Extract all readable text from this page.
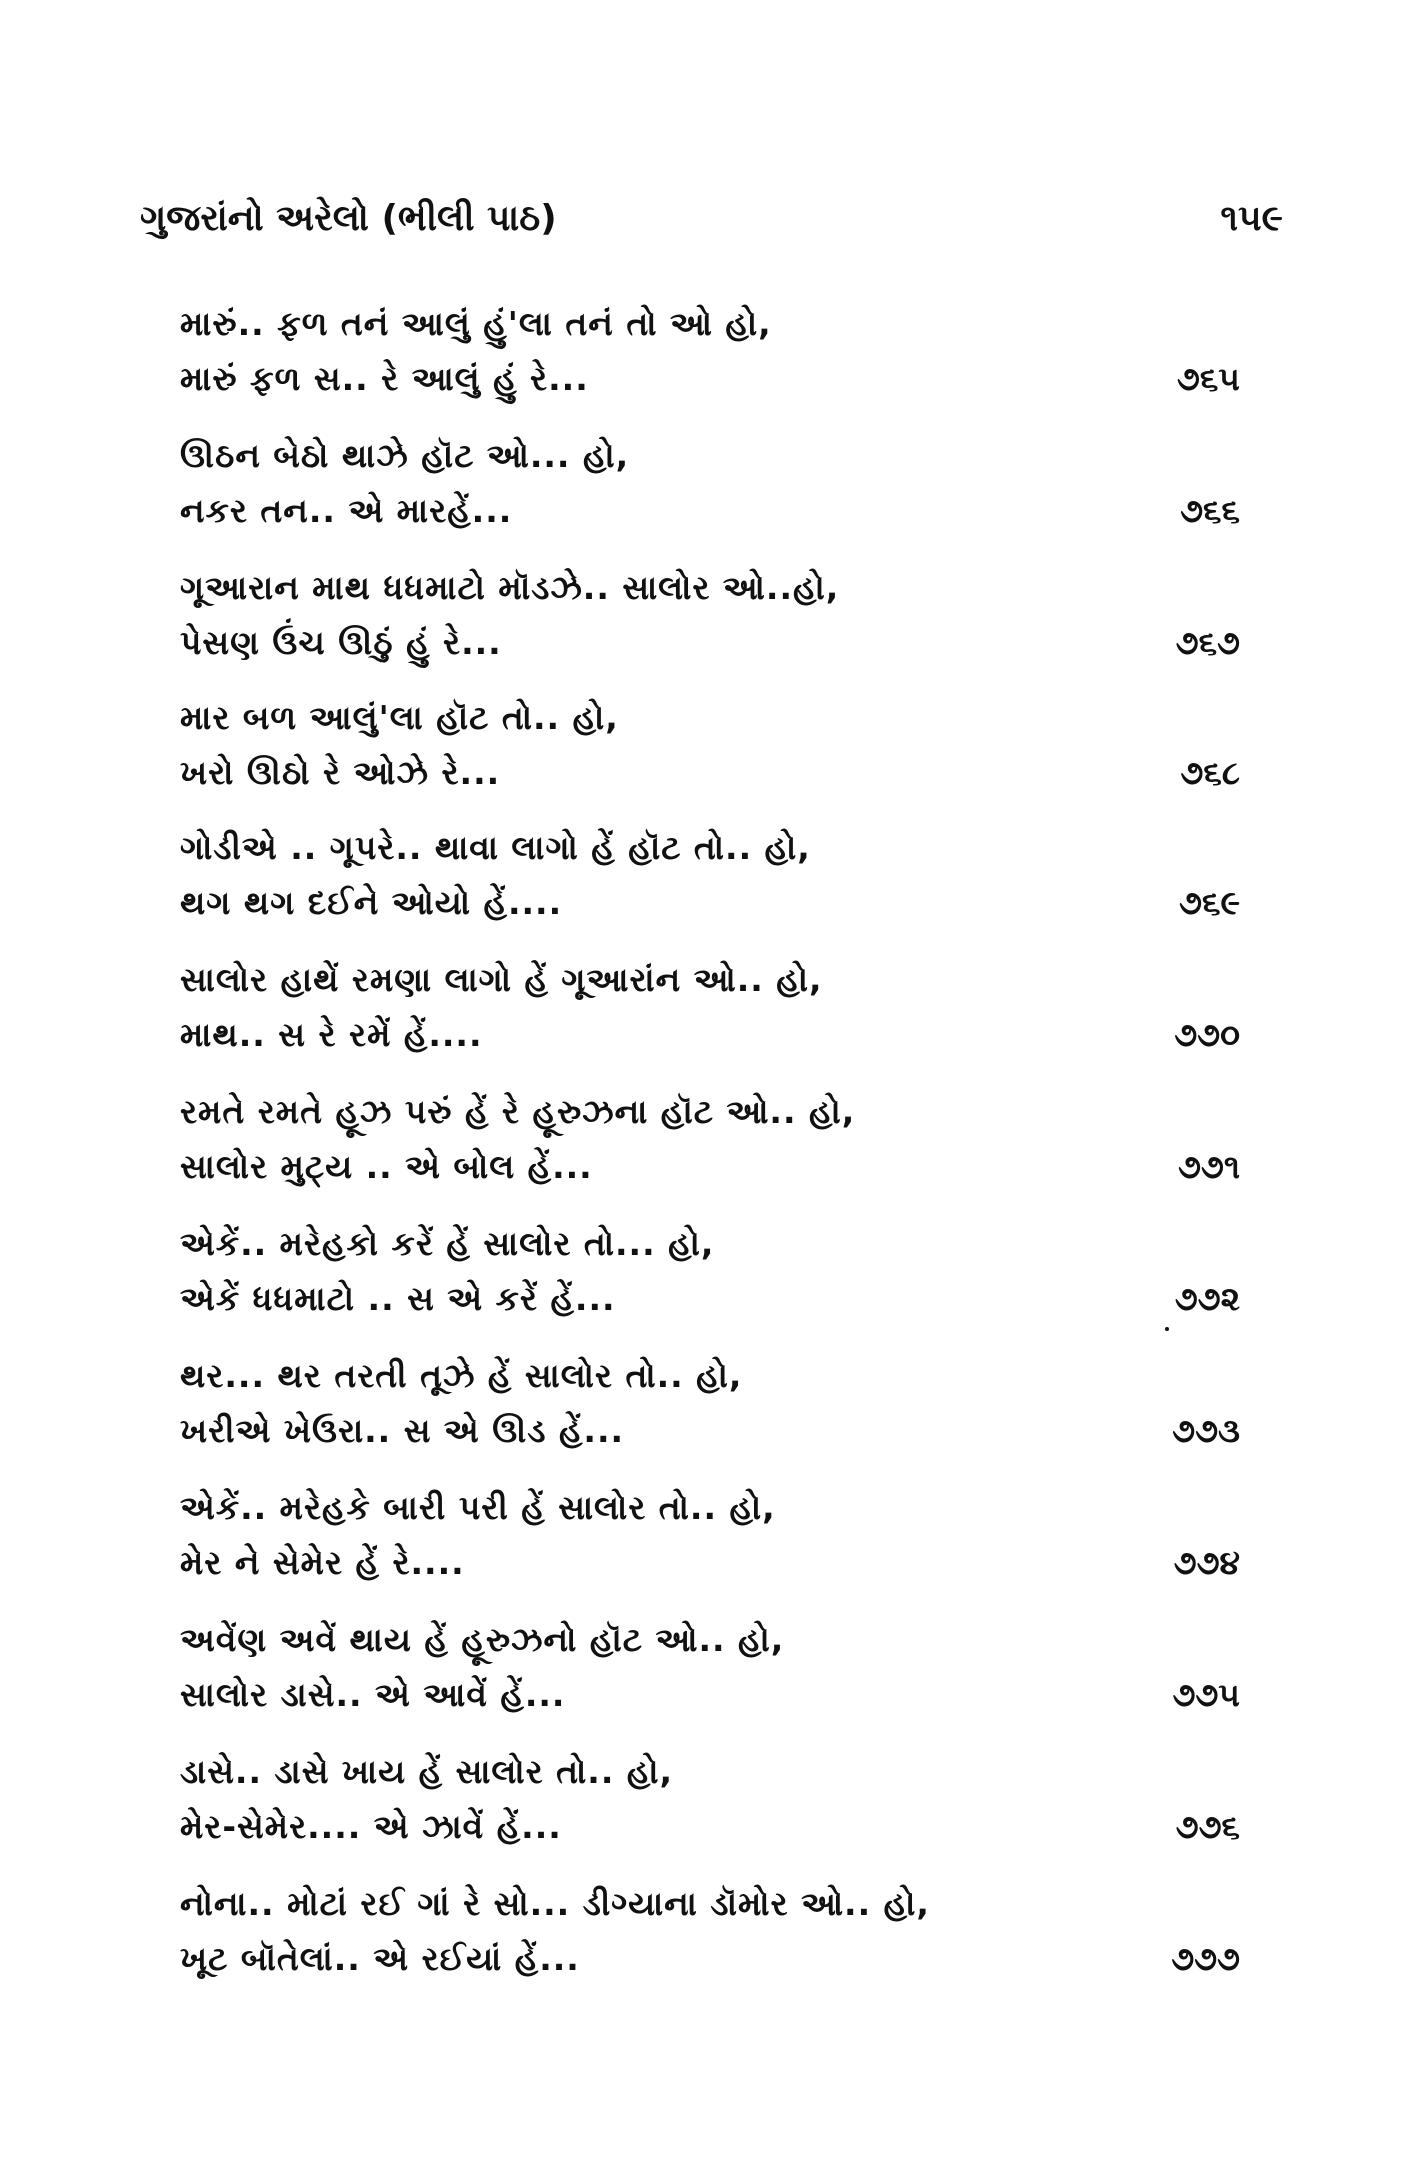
ગુજરાંનો અરેલો (ભીલી પાઠ)	૧૫૯
મારું.. ફળ તનં આલું હું'લા તનં તો ઓ હો,
મારું ફળ સ.. રે આલું હું રે...	૭૬૫
ઊઠન બેઠો થાઝે હૉટ ઓ... હો,
નકર તન.. એ મારહેં...	૭૬૬
ગૂઆરાન માથ ધધમાટો મૉડઝે.. સાલોર ઓ..હો,
પેસણ ઉંચ ઊઠું હું રે...	૭૬૭
માર બળ આલું'લા હૉટ તો.. હો,
ખરો ઊઠો રે ઓઝે રે...	૭૬૮
ગોડીએ .. ગૂપરે.. થાવા લાગો હેં હૉટ તો.. હો,
થગ થગ દઈને ઓયો હેં....	૭૬૯
સાલોર હાથેં રમણા લાગો હેં ગૂઆરાંન ઓ.. હો,
માથ.. સ રે રમેં હેં....	૭૭૦
રમતે રમતે હૂઝ પરું હેં રે હૂરુઝના હૉટ ઓ.. હો,
સાલોર મુટ્ય .. એ બોલ હેં...	૭૭૧
એકેં.. મરેહકો કરેં હેં સાલોર તો... હો,
એકેં ધધમાટો .. સ એ કરેં હેં...	૭૭૨
થર... થર તરતી તૂઝે હેં સાલોર તો.. હો,
ખરીએ ખેઉરા.. સ એ ઊડ હેં...	૭૭૩
એકેં.. મરેહકે બારી પરી હેં સાલોર તો.. હો,
મેર ને સેમેર હેં રે....	૭૭૪
અવેંણ અવેં થાય હેં હૂરુઝનો હૉટ ઓ.. હો,
સાલોર ડાસે.. એ આવેં હેં...	૭૭૫
ડાસે.. ડાસે ખાય હેં સાલોર તો.. હો,
મેર-સેમેર.... એ ઝાવેં હેં...	૭૭૬
નોના.. મોટાં રઈ ગાં રે સો... ડીગ્યાના ડૉમોર ઓ.. હો,
ખૂટ બૉતેલાં.. એ રઈયાં હેં...	૭૭૭
